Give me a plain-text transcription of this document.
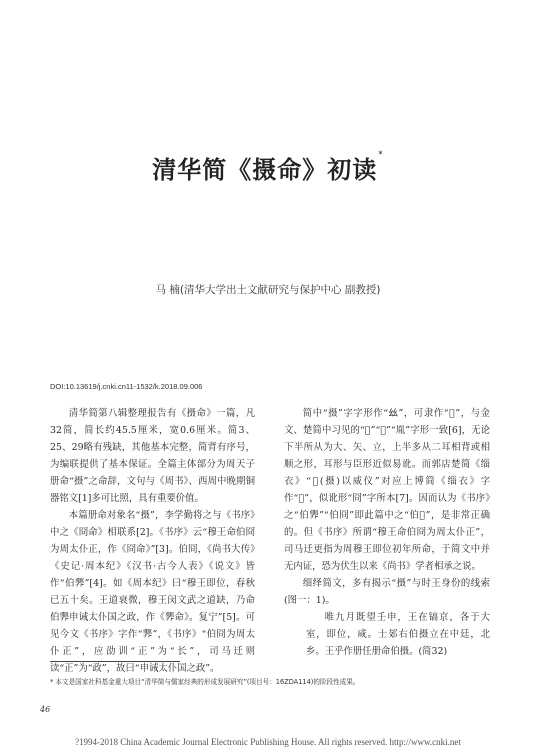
清华简《摄命》初读*
马 楠(清华大学出土文献研究与保护中心 副教授)
DOI:10.13619/j.cnki.cn11-1532/k.2018.09.006

清华简第八辑整理报告有《摄命》一篇，凡32简，简长约45.5厘米，宽0.6厘米。简3、25、29略有残缺，其他基本完整，简背有序号，为编联提供了基本保证。全篇主体部分为周天子册命“摄”之命辞，文句与《周书》、西周中晚期铜器铭文[1]多可比照，具有重要价值。

本篇册命对象名“摄”，李学勤将之与《书序》中之《冏命》相联系[2]。《书序》云“穆王命伯冏为周太仆正，作《冏命》”[3]。伯冏，《尚书大传》《史记·周本纪》《汉书·古今人表》《说文》皆作“伯臩”[4]。如《周本纪》曰“穆王即位，春秋已五十矣。王道衰微，穆王闵文武之道缺，乃命伯臩申诫太仆国之政，作《臩命》。复宁”[5]。可见今文《书序》字作“臩”，《书序》“伯冏为周太仆正”，应劭训“正”为“长”，司马迁则读“正”为“政”，故曰“申诫太仆国之政”。

简中“摄”字字形作“𢆶”，可隶作“𤔎”，与金文、楚简中习见的“𦔻”“𦘜”“𦚯”字形一致[6]，无论下半所从为大、矢、立，上半多从二耳相背或相顺之形，耳形与臣形近似易讹。而郭店楚简《缁衣》“𤔎(摄)以威仪”对应上博简《缁衣》字作“𦘜”，似讹形“冏”字所本[7]。因而认为《书序》之“伯臩”“伯冏”即此篇中之“伯𤔎”，是非常正确的。但《书序》所谓“穆王命伯冏为周太仆正”，司马迁更指为周穆王即位初年所命，于简文中并无内证，恐为伏生以来《尚书》学者相承之说。

细绎简文，多有揭示“摄”与时王身份的线索(图一：1)。

唯九月既望壬申，王在镐京，各于大室，即位，咸。士𨙸右伯摄立在中廷，北乡。王乎作册任册命伯摄。(简32)

* 本文是国家社科基金重大项目“清华简与儒家经典的形成发展研究”(项目号：16ZDA114)的阶段性成果。
46
?1994-2018 China Academic Journal Electronic Publishing House. All rights reserved. http://www.cnki.net
